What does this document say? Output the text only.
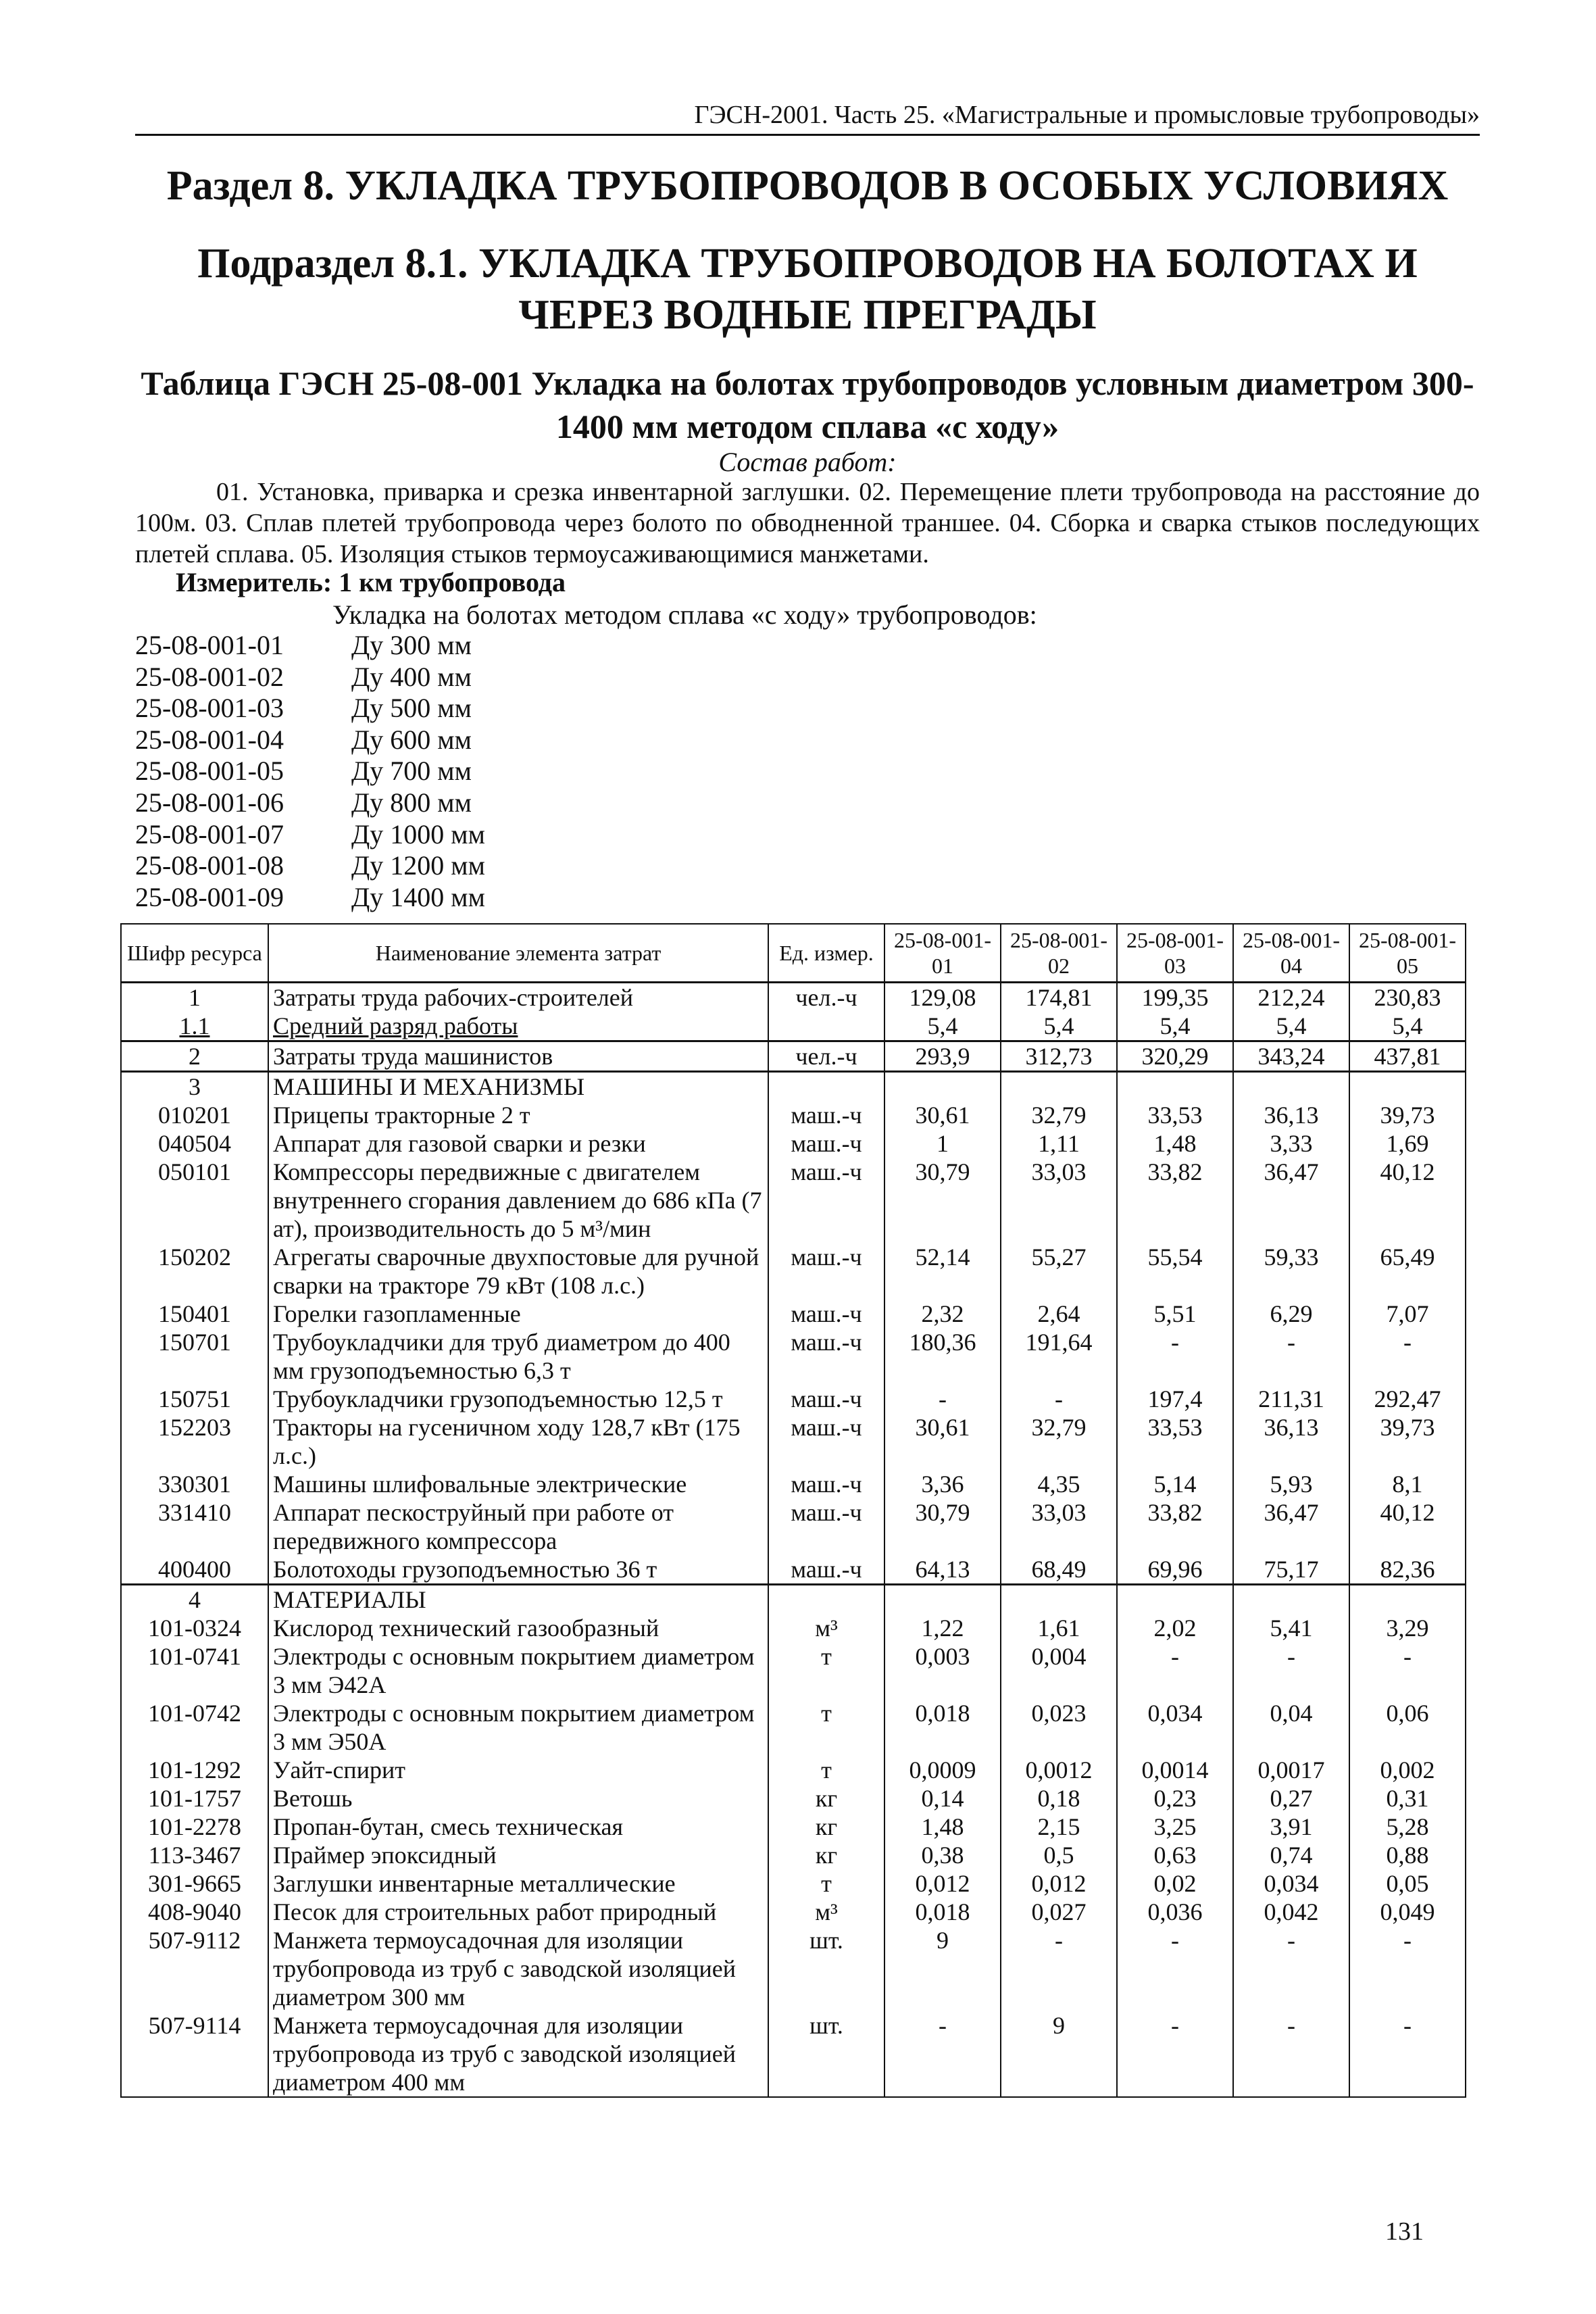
ГЭСН-2001. Часть 25. «Магистральные и промысловые трубопроводы»
Раздел 8. УКЛАДКА ТРУБОПРОВОДОВ В ОСОБЫХ УСЛОВИЯХ
Подраздел 8.1. УКЛАДКА ТРУБОПРОВОДОВ НА БОЛОТАХ И ЧЕРЕЗ ВОДНЫЕ ПРЕГРАДЫ
Таблица ГЭСН 25-08-001 Укладка на болотах трубопроводов условным диаметром 300-1400 мм методом сплава «с ходу»
Состав работ:
01. Установка, приварка и срезка инвентарной заглушки. 02. Перемещение плети трубопровода на расстояние до 100м. 03. Сплав плетей трубопровода через болото по обводненной траншее. 04. Сборка и сварка стыков последующих плетей сплава. 05. Изоляция стыков термоусаживающимися манжетами.
Измеритель: 1 км трубопровода
Укладка на болотах методом сплава «с ходу» трубопроводов:
25-08-001-01	Ду 300 мм
25-08-001-02	Ду 400 мм
25-08-001-03	Ду 500 мм
25-08-001-04	Ду 600 мм
25-08-001-05	Ду 700 мм
25-08-001-06	Ду 800 мм
25-08-001-07	Ду 1000 мм
25-08-001-08	Ду 1200 мм
25-08-001-09	Ду 1400 мм
Шифр ресурса	Наименование элемента затрат	Ед. измер.	25-08-001-01	25-08-001-02	25-08-001-03	25-08-001-04	25-08-001-05
1	Затраты труда рабочих-строителей	чел.-ч	129,08	174,81	199,35	212,24	230,83
1.1	Средний разряд работы		5,4	5,4	5,4	5,4	5,4
2	Затраты труда машинистов	чел.-ч	293,9	312,73	320,29	343,24	437,81
3	МАШИНЫ И МЕХАНИЗМЫ						
010201	Прицепы тракторные 2 т	маш.-ч	30,61	32,79	33,53	36,13	39,73
040504	Аппарат для газовой сварки и резки	маш.-ч	1	1,11	1,48	3,33	1,69
050101	Компрессоры передвижные с двигателем внутреннего сгорания давлением до 686 кПа (7 ат), производительность до 5 м³/мин	маш.-ч	30,79	33,03	33,82	36,47	40,12
150202	Агрегаты сварочные двухпостовые для ручной сварки на тракторе 79 кВт (108 л.с.)	маш.-ч	52,14	55,27	55,54	59,33	65,49
150401	Горелки газопламенные	маш.-ч	2,32	2,64	5,51	6,29	7,07
150701	Трубоукладчики для труб диаметром до 400 мм грузоподъемностью 6,3 т	маш.-ч	180,36	191,64	-	-	-
150751	Трубоукладчики грузоподъемностью 12,5 т	маш.-ч	-	-	197,4	211,31	292,47
152203	Тракторы на гусеничном ходу 128,7 кВт (175 л.с.)	маш.-ч	30,61	32,79	33,53	36,13	39,73
330301	Машины шлифовальные электрические	маш.-ч	3,36	4,35	5,14	5,93	8,1
331410	Аппарат пескоструйный при работе от передвижного компрессора	маш.-ч	30,79	33,03	33,82	36,47	40,12
400400	Болотоходы грузоподъемностью 36 т	маш.-ч	64,13	68,49	69,96	75,17	82,36
4	МАТЕРИАЛЫ						
101-0324	Кислород технический газообразный	м³	1,22	1,61	2,02	5,41	3,29
101-0741	Электроды с основным покрытием диаметром 3 мм Э42А	т	0,003	0,004	-	-	-
101-0742	Электроды с основным покрытием диаметром 3 мм Э50А	т	0,018	0,023	0,034	0,04	0,06
101-1292	Уайт-спирит	т	0,0009	0,0012	0,0014	0,0017	0,002
101-1757	Ветошь	кг	0,14	0,18	0,23	0,27	0,31
101-2278	Пропан-бутан, смесь техническая	кг	1,48	2,15	3,25	3,91	5,28
113-3467	Праймер эпоксидный	кг	0,38	0,5	0,63	0,74	0,88
301-9665	Заглушки инвентарные металлические	т	0,012	0,012	0,02	0,034	0,05
408-9040	Песок для строительных работ природный	м³	0,018	0,027	0,036	0,042	0,049
507-9112	Манжета термоусадочная для изоляции трубопровода из труб с заводской изоляцией диаметром 300 мм	шт.	9	-	-	-	-
507-9114	Манжета термоусадочная для изоляции трубопровода из труб с заводской изоляцией диаметром 400 мм	шт.	-	9	-	-	-
131
